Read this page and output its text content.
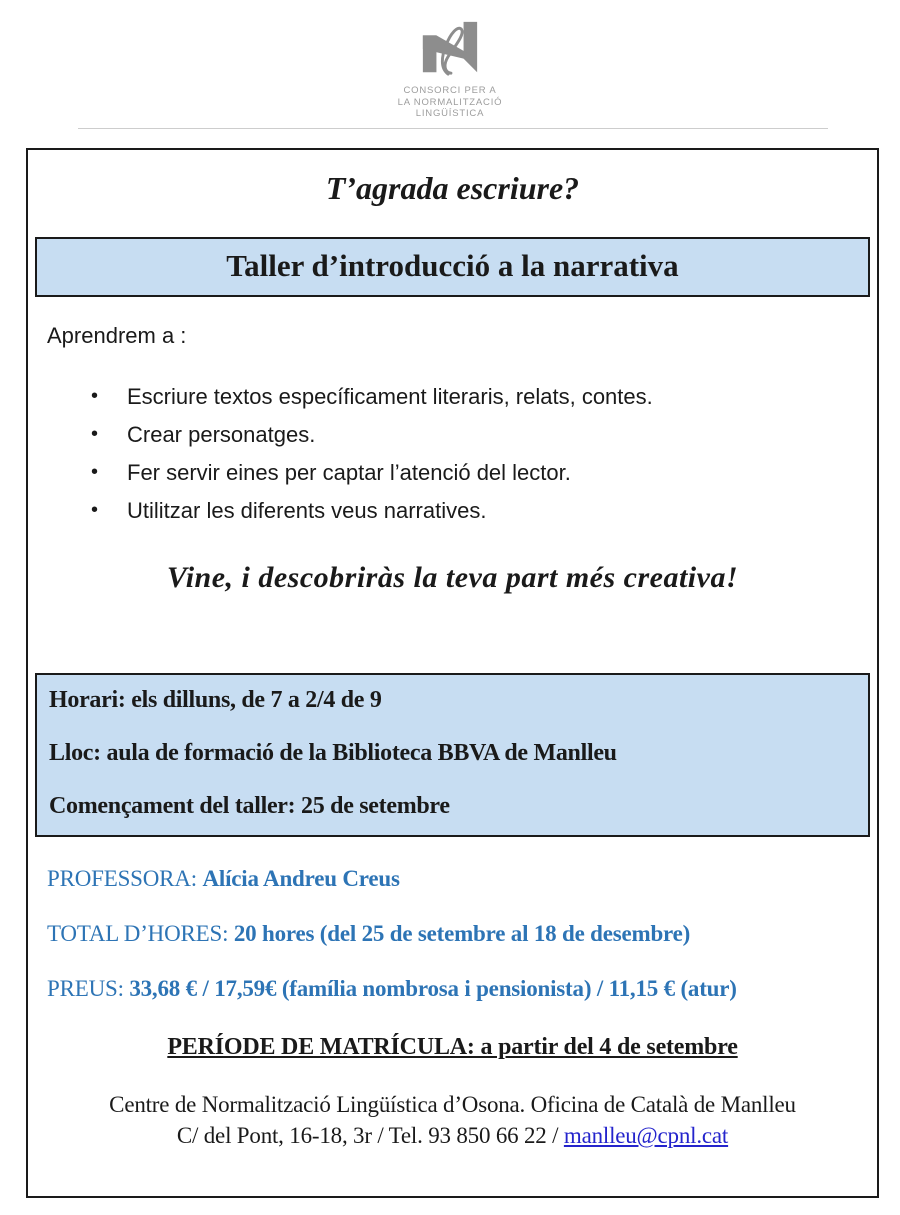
CONSORCI PER A
LA NORMALITZACIÓ
LINGÜÍSTICA
T’agrada escriure?
Taller d’introducció a la narrativa
Aprendrem a :
• Escriure textos específicament literaris, relats, contes.
• Crear personatges.
• Fer servir eines per captar l’atenció del lector.
• Utilitzar les diferents veus narratives.
Vine, i descobriràs la teva part més creativa!
Horari: els dilluns, de 7 a 2/4 de 9
Lloc: aula de formació de la Biblioteca BBVA de Manlleu
Començament del taller: 25 de setembre
PROFESSORA: Alícia Andreu Creus
TOTAL D’HORES: 20 hores (del 25 de setembre al 18 de desembre)
PREUS: 33,68 € / 17,59€ (família nombrosa i pensionista) / 11,15 € (atur)
PERÍODE DE MATRÍCULA: a partir del 4 de setembre
Centre de Normalització Lingüística d’Osona. Oficina de Català de Manlleu
C/ del Pont, 16-18, 3r / Tel. 93 850 66 22 / manlleu@cpnl.cat
